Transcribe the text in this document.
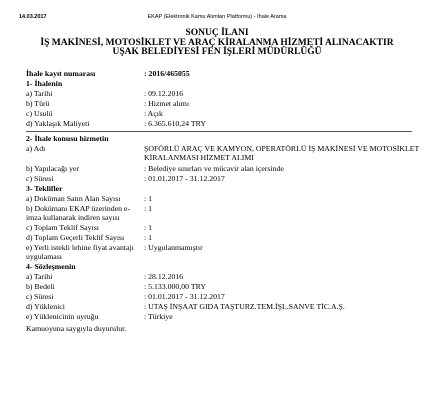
14.03.2017	EKAP (Elektronik Kamu Alımları Platformu) - İhale Arama
SONUÇ İLANI
İŞ MAKİNESİ, MOTOSİKLET VE ARAÇ KİRALANMA HİZMETİ ALINACAKTIR
UŞAK BELEDİYESİ FEN İŞLERİ MÜDÜRLÜĞÜ
İhale kayıt numarası	: 2016/465055
1- İhalenin
a) Tarihi	: 09.12.2016
b) Türü	: Hizmet alımı
c) Usulü	: Açık
d) Yaklaşık Maliyeti	: 6.365.610,24 TRY
2- İhale konusu hizmetin
a) Adı	ŞOFÖRLÜ ARAÇ VE KAMYON, OPERATÖRLÜ İŞ MAKİNESİ VE MOTOSİKLET KİRALANMASI HİZMET ALIMI
b) Yapılacağı yer	: Belediye sınırları ve mücavir alan içersinde
c) Süresi	: 01.01.2017 - 31.12.2017
3- Teklifler
a) Doküman Satın Alan Sayısı	: 1
b) Dokümanı EKAP üzerinden e-imza kullanarak indiren sayısı
: 1
c) Toplam Teklif Sayısı	: 1
d) Toplam Geçerli Teklif Sayısı	: 1
e) Yerli istekli lehine fiyat avantajı uygulaması
: Uygulanmamıştır
4- Sözleşmenin
a) Tarihi	: 28.12.2016
b) Bedeli	: 5.133.000,00 TRY
c) Süresi	: 01.01.2017 - 31.12.2017
d) Yüklenici	: UTAŞ İNŞAAT GIDA TAŞTURZ.TEM.İŞL.SANVE TİC.A.Ş.
e) Yüklenicinin uyruğu	: Türkiye
Kamuoyuna saygıyla duyurulur.
